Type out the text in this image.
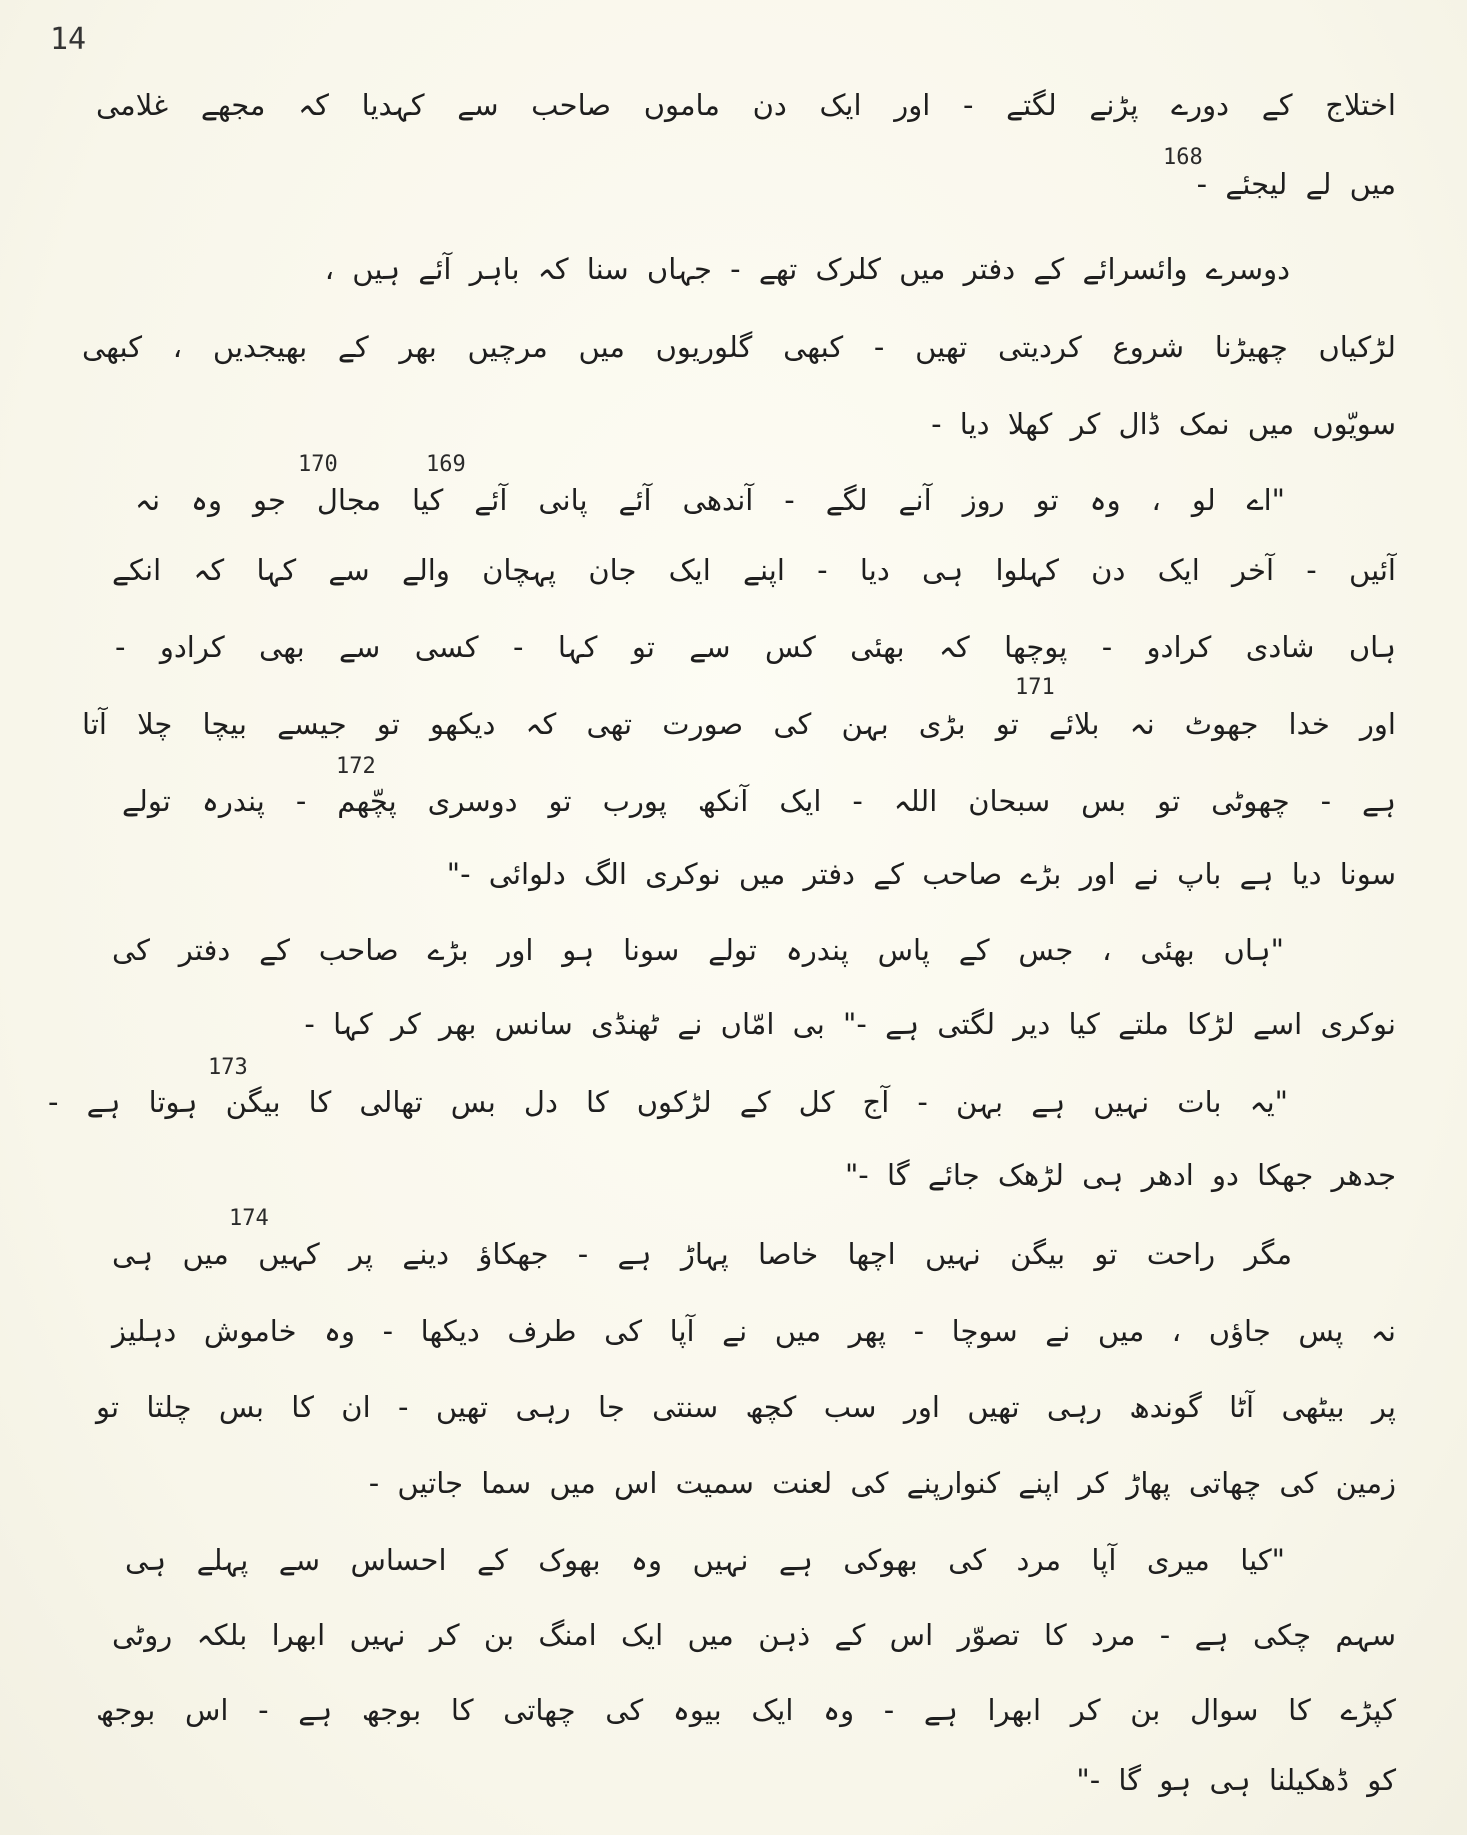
14
168
170	169
171
172
173
174
اختلاج کے دورے پڑنے لگتے - اور ایک دن ماموں صاحب سے کہدیا کہ مجھے غلامی
میں لے لیجئے -
دوسرے وائسرائے کے دفتر میں کلرک تھے - جہاں سنا کہ باہر آئے ہیں ،
لڑکیاں چھیڑنا شروع کردیتی تھیں - کبھی گلوریوں میں مرچیں بھر کے بھیجدیں ، کبھی
سویّوں میں نمک ڈال کر کھلا دیا -
"اے لو ، وہ تو روز آنے لگے - آندھی آئے پانی آئے کیا مجال جو وہ نہ
آئیں - آخر ایک دن کہلوا ہی دیا - اپنے ایک جان پہچان والے سے کہا کہ انکے
ہاں شادی کرادو - پوچھا کہ بھئی کس سے تو کہا - کسی سے بھی کرادو -
اور خدا جھوٹ نہ بلائے تو بڑی بہن کی صورت تھی کہ دیکھو تو جیسے بیچا چلا آتا
ہے - چھوٹی تو بس سبحان اللہ - ایک آنکھ پورب تو دوسری پچّھم - پندرہ تولے
سونا دیا ہے باپ نے اور بڑے صاحب کے دفتر میں نوکری الگ دلوائی -"
"ہاں بھئی ، جس کے پاس پندرہ تولے سونا ہو اور بڑے صاحب کے دفتر کی
نوکری اسے لڑکا ملتے کیا دیر لگتی ہے -" بی امّاں نے ٹھنڈی سانس بھر کر کہا -
"یہ بات نہیں ہے بہن - آج کل کے لڑکوں کا دل بس تھالی کا بیگن ہوتا ہے -
جدھر جھکا دو ادھر ہی لڑھک جائے گا -"
مگر راحت تو بیگن نہیں اچھا خاصا پہاڑ ہے - جھکاؤ دینے پر کہیں میں ہی
نہ پس جاؤں ، میں نے سوچا - پھر میں نے آپا کی طرف دیکھا - وہ خاموش دہلیز
پر بیٹھی آٹا گوندھ رہی تھیں اور سب کچھ سنتی جا رہی تھیں - ان کا بس چلتا تو
زمین کی چھاتی پھاڑ کر اپنے کنوارپنے کی لعنت سمیت اس میں سما جاتیں -
"کیا میری آپا مرد کی بھوکی ہے نہیں وہ بھوک کے احساس سے پہلے ہی
سہم چکی ہے - مرد کا تصوّر اس کے ذہن میں ایک امنگ بن کر نہیں ابھرا بلکہ روٹی
کپڑے کا سوال بن کر ابھرا ہے - وہ ایک بیوہ کی چھاتی کا بوجھ ہے - اس بوجھ
کو ڈھکیلنا ہی ہو گا -"
